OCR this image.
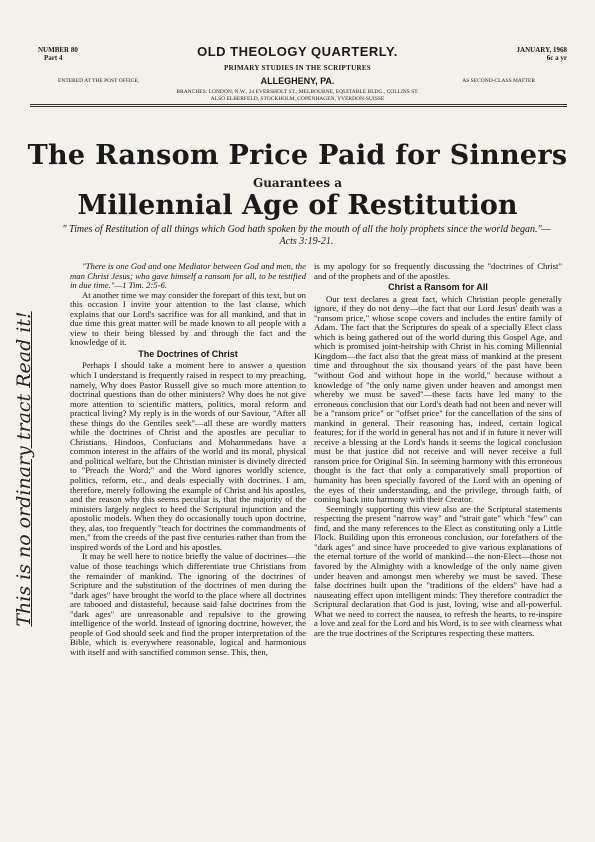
NUMBER 80
Part 4	OLD THEOLOGY QUARTERLY.	JANUARY, 1968
6c a yr
PRIMARY STUDIES IN THE SCRIPTURES
ENTERED AT THE POST OFFICE,	ALLEGHENY, PA.	AS SECOND-CLASS MATTER
BRANCHES: LONDON, N.W., 24 EVERSHOLT ST.; MELBOURNE, EQUITABLE BLDG., COLLINS ST.
ALSO ELBERFELD, STOCKHOLM, COPENHAGEN, YVERDON-SUISSE
The Ransom Price Paid for Sinners
Guarantees a
Millennial Age of Restitution
" Times of Restitution of all things which God hath spoken by the mouth of all the holy prophets since the world began."—Acts 3:19-21.
This is no ordinary tract Read it!

"There is one God and one Mediator between God and men, the man Christ Jesus; who gave himself a ransom for all, to be testified in due time."—1 Tim. 2:5-6.

At another time we may consider the forepart of this text, but on this occasion I invite your attention to the last clause, which explains that our Lord's sacrifice was for all mankind, and that in due time this great matter will be made known to all people with a view to their being blessed by and through the fact and the knowledge of it.

The Doctrines of Christ

Perhaps I should take a moment here to answer a question which I understand is frequently raised in respect to my preaching, namely, Why does Pastor Russell give so much more attention to doctrinal questions than do other ministers? Why does he not give more attention to scientific matters, politics, moral reform and practical living? My reply is in the words of our Saviour, "After all these things do the Gentiles seek"—all these are wordly matters while the doctrines of Christ and the apostles are peculiar to Christians. Hindoos, Confucians and Mohammedans have a common interest in the affairs of the world and its moral, physical and political welfare, but the Christian minister is divinely directed to "Preach the Word;" and the Word ignores worldly science, politics, reform, etc., and deals especially with doctrines. I am, therefore, merely following the example of Christ and his apostles, and the reason why this seems peculiar is, that the majority of the ministers largely neglect to heed the Scriptural injunction and the apostolic models. When they do occasionally touch upon doctrine, they, alas, too frequently "teach for doctrines the commandments of men," from the creeds of the past five centuries rather than from the inspired words of the Lord and his apostles.

It may be well here to notice briefly the value of doctrines—the value of those teachings which differentiate true Christians from the remainder of mankind. The ignoring of the doctrines of Scripture and the substitution of the doctrines of men during the "dark ages" have brought the world to the place where all doctrines are tabooed and distasteful, because said false doctrines from the "dark ages" are unreasonable and repulsive to the growing intelligence of the world. Instead of ignoring doctrine, however, the people of God should seek and find the proper interpretation of the Bible, which is everywhere reasonable, logical and harmonious with itself and with sanctified common sense. This, then,

is my apology for so frequently discussing the "doctrines of Christ" and of the prophets and of the apostles.

Christ a Ransom for All

Our text declares a great fact, which Christian people generally ignore, if they do not deny—the fact that our Lord Jesus' death was a "ransom price," whose scope covers and includes the entire family of Adam. The fact that the Scriptures do speak of a specially Elect class which is being gathered out of the world during this Gospel Age, and which is promised joint-heirship with Christ in his coming Millennial Kingdom—the fact also that the great mass of mankind at the present time and throughout the six thousand years of the past have been "without God and without hope in the world," because without a knowledge of "the only name given under heaven and amongst men whereby we must be saved"—these facts have led many to the erroneous conclusion that our Lord's death had not been and never will be a "ransom price" or "offset price" for the cancellation of the sins of mankind in general. Their reasoning has, indeed, certain logical features; for if the world in general has not and if in future it never will receive a blessing at the Lord's hands it seems the logical conclusion must be that justice did not receive and will never receive a full ransom price for Original Sin. In seeming harmony with this erroneous thought is the fact that only a comparatively small proportion of humanity has been specially favored of the Lord with an opening of the eyes of their understanding, and the privilege, through faith, of coming back into harmony with their Creator.

Seemingly supporting this view also are the Scriptural statements respecting the present "narrow way" and "strait gate" which "few" can find, and the many references to the Elect as constituting only a Little Flock. Building upon this erroneous conclusion, our forefathers of the "dark ages" and since have proceeded to give various explanations of the eternal torture of the world of mankind—the non-Elect—those not favored by the Almighty with a knowledge of the only name given under heaven and amongst men whereby we must be saved. These false doctrines built upon the "traditions of the elders" have had a nauseating effect upon intelligent minds: They therefore contradict the Scriptural declaration that God is just, loving, wise and all-powerful. What we need to correct the nausea, to refresh the hearts, to re-inspire a love and zeal for the Lord and his Word, is to see with clearness what are the true doctrines of the Scriptures respecting these matters.
